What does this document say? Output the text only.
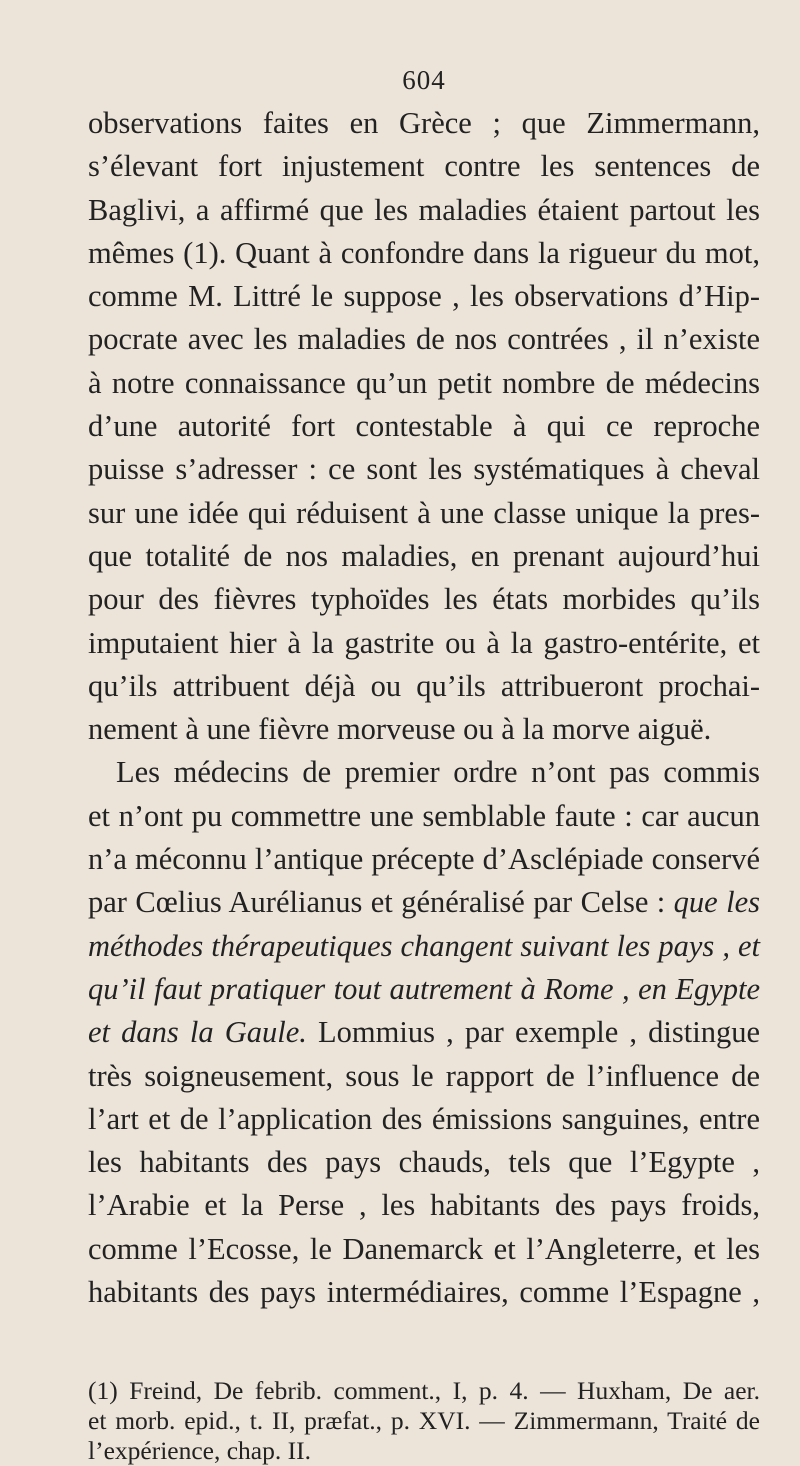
604

observations faites en Grèce ; que Zimmermann,
s’élevant fort injustement contre les sentences de
Baglivi, a affirmé que les maladies étaient partout les
mêmes (1). Quant à confondre dans la rigueur du mot,
comme M. Littré le suppose , les observations d’Hip-
pocrate avec les maladies de nos contrées , il n’existe
à notre connaissance qu’un petit nombre de médecins
d’une autorité fort contestable à qui ce reproche
puisse s’adresser : ce sont les systématiques à cheval
sur une idée qui réduisent à une classe unique la pres-
que totalité de nos maladies, en prenant aujourd’hui
pour des fièvres typhoïdes les états morbides qu’ils
imputaient hier à la gastrite ou à la gastro-entérite, et
qu’ils attribuent déjà ou qu’ils attribueront prochai-
nement à une fièvre morveuse ou à la morve aiguë.

Les médecins de premier ordre n’ont pas commis
et n’ont pu commettre une semblable faute : car aucun
n’a méconnu l’antique précepte d’Asclépiade conservé
par Cœlius Aurélianus et généralisé par Celse : que les
méthodes thérapeutiques changent suivant les pays , et
qu’il faut pratiquer tout autrement à Rome , en Egypte
et dans la Gaule. Lommius , par exemple , distingue
très soigneusement, sous le rapport de l’influence de
l’art et de l’application des émissions sanguines, entre
les habitants des pays chauds, tels que l’Egypte ,
l’Arabie et la Perse , les habitants des pays froids,
comme l’Ecosse, le Danemarck et l’Angleterre, et les
habitants des pays intermédiaires, comme l’Espagne ,

(1) Freind, De febrib. comment., I, p. 4. — Huxham, De aer.
et morb. epid., t. II, præfat., p. XVI. — Zimmermann, Traité de
l’expérience, chap. II.
